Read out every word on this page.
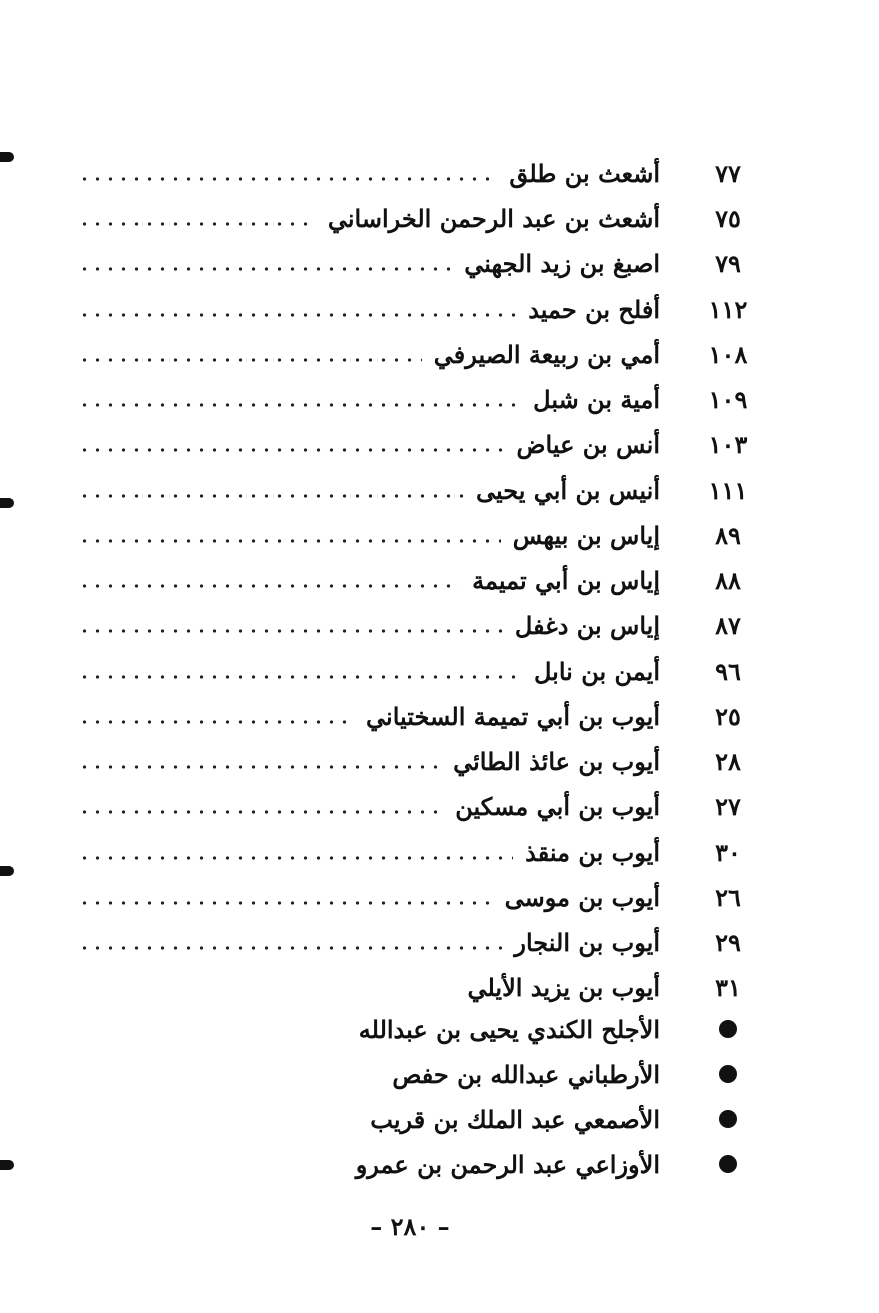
٧٧
أشعث بن طلق
٧٥
أشعث بن عبد الرحمن الخراساني
٧٩
اصبغ بن زيد الجهني
١١٢
أفلح بن حميد
١٠٨
أمي بن ربيعة الصيرفي
١٠٩
أمية بن شبل
١٠٣
أنس بن عياض
١١١
أنيس بن أبي يحيى
٨٩
إياس بن بيهس
٨٨
إياس بن أبي تميمة
٨٧
إياس بن دغفل
٩٦
أيمن بن نابل
٢٥
أيوب بن أبي تميمة السختياني
٢٨
أيوب بن عائذ الطائي
٢٧
أيوب بن أبي مسكين
٣٠
أيوب بن منقذ
٢٦
أيوب بن موسى
٢٩
أيوب بن النجار
٣١
أيوب بن يزيد الأيلي
الأجلح الكندي يحيى بن عبدالله
الأرطباني عبدالله بن حفص
الأصمعي عبد الملك بن قريب
الأوزاعي عبد الرحمن بن عمرو
– ٢٨٠ –
